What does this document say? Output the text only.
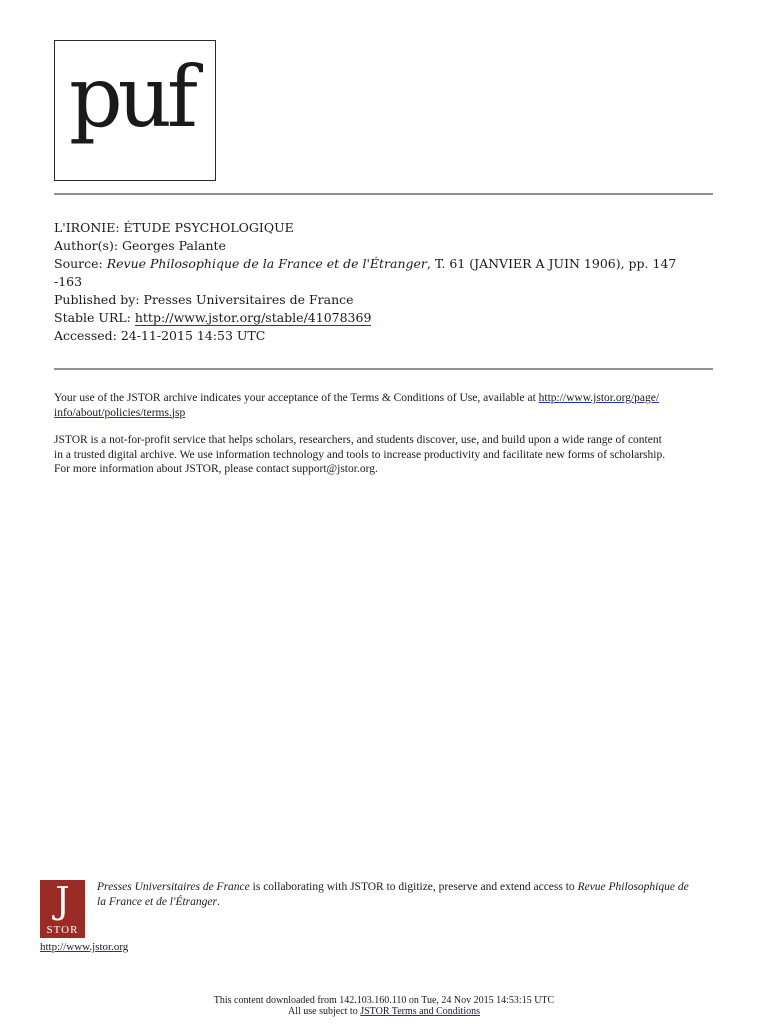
puf
L'IRONIE: ÉTUDE PSYCHOLOGIQUE
Author(s): Georges Palante
Source: Revue Philosophique de la France et de l'Étranger, T. 61 (JANVIER A JUIN 1906), pp. 147
-163
Published by: Presses Universitaires de France
Stable URL: http://www.jstor.org/stable/41078369
Accessed: 24-11-2015 14:53 UTC
Your use of the JSTOR archive indicates your acceptance of the Terms & Conditions of Use, available at http://www.jstor.org/page/
info/about/policies/terms.jsp
JSTOR is a not-for-profit service that helps scholars, researchers, and students discover, use, and build upon a wide range of content
in a trusted digital archive. We use information technology and tools to increase productivity and facilitate new forms of scholarship.
For more information about JSTOR, please contact support@jstor.org.
J
STOR
Presses Universitaires de France is collaborating with JSTOR to digitize, preserve and extend access to Revue Philosophique de
la France et de l'Étranger.
http://www.jstor.org
This content downloaded from 142.103.160.110 on Tue, 24 Nov 2015 14:53:15 UTC
All use subject to JSTOR Terms and Conditions
